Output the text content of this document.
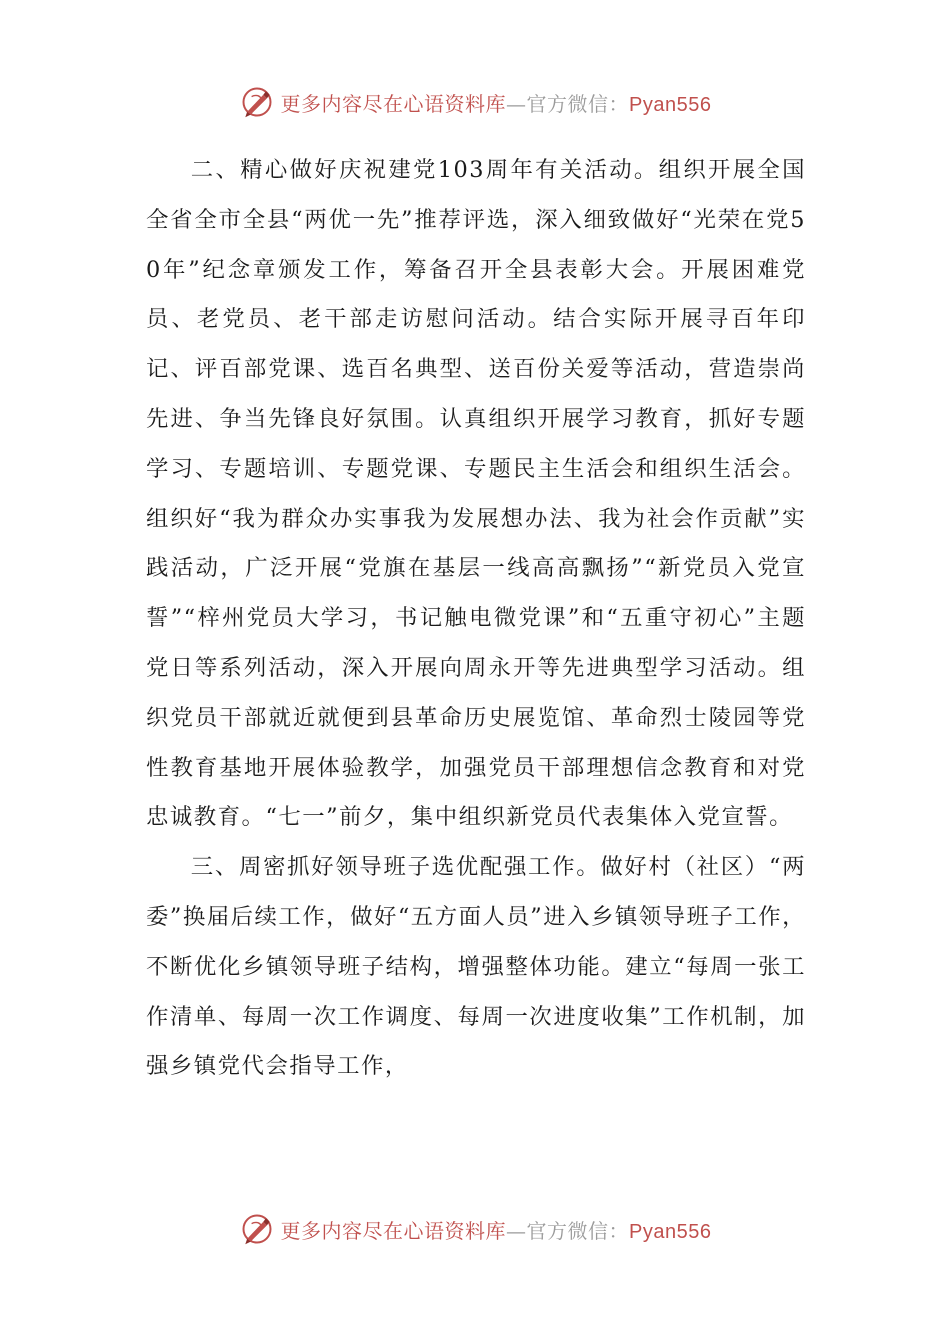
更多内容尽在心语资料库—官方微信：Pyan556

二、精心做好庆祝建党103周年有关活动。组织开展全国全省全市全县“两优一先”推荐评选，深入细致做好“光荣在党50年”纪念章颁发工作，筹备召开全县表彰大会。开展困难党员、老党员、老干部走访慰问活动。结合实际开展寻百年印记、评百部党课、选百名典型、送百份关爱等活动，营造崇尚先进、争当先锋良好氛围。认真组织开展学习教育，抓好专题学习、专题培训、专题党课、专题民主生活会和组织生活会。组织好“我为群众办实事我为发展想办法、我为社会作贡献”实践活动，广泛开展“党旗在基层一线高高飘扬”“新党员入党宣誓”“梓州党员大学习，书记触电微党课”和“五重守初心”主题党日等系列活动，深入开展向周永开等先进典型学习活动。组织党员干部就近就便到县革命历史展览馆、革命烈士陵园等党性教育基地开展体验教学，加强党员干部理想信念教育和对党忠诚教育。“七一”前夕，集中组织新党员代表集体入党宣誓。

三、周密抓好领导班子选优配强工作。做好村（社区）“两委”换届后续工作，做好“五方面人员”进入乡镇领导班子工作，不断优化乡镇领导班子结构，增强整体功能。建立“每周一张工作清单、每周一次工作调度、每周一次进度收集”工作机制，加强乡镇党代会指导工作，

更多内容尽在心语资料库—官方微信：Pyan556
